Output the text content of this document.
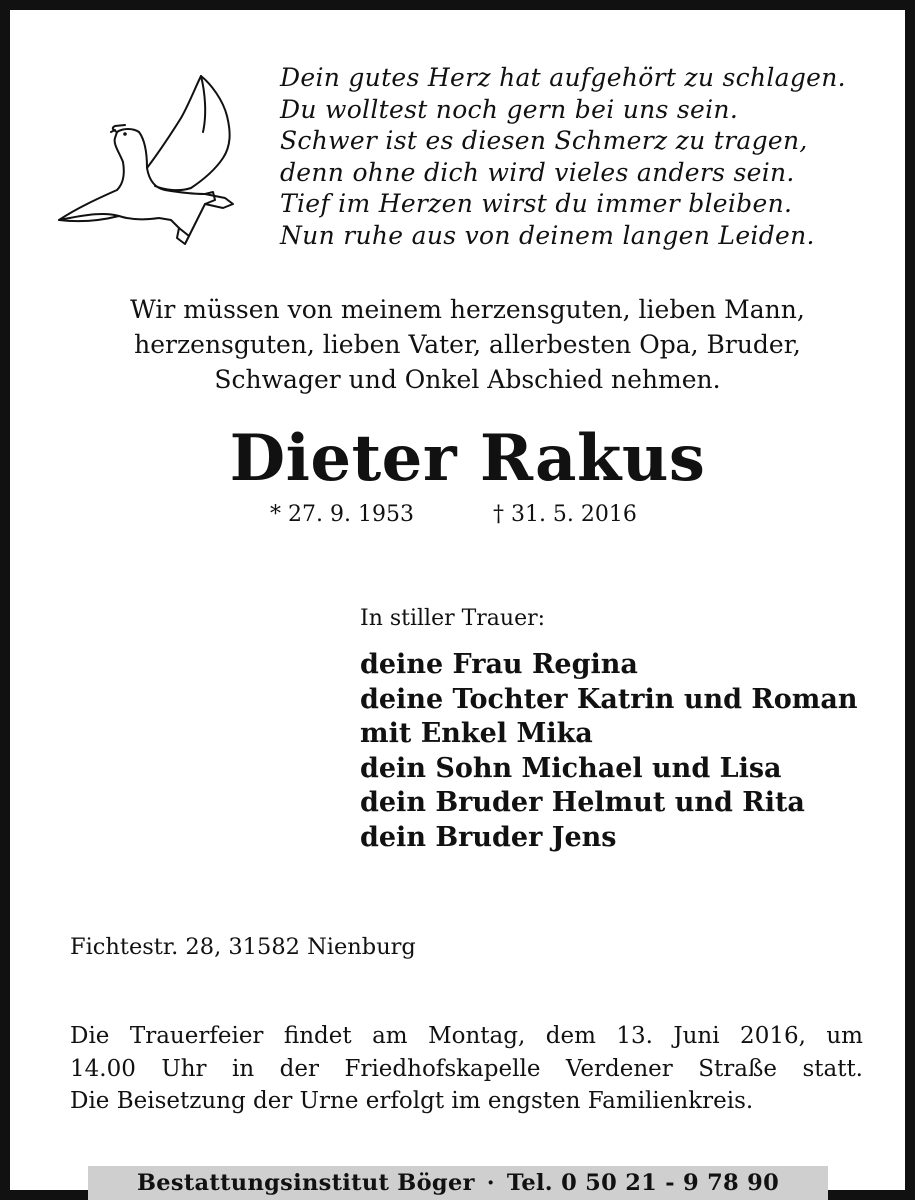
Dein gutes Herz hat aufgehört zu schlagen.
Du wolltest noch gern bei uns sein.
Schwer ist es diesen Schmerz zu tragen,
denn ohne dich wird vieles anders sein.
Tief im Herzen wirst du immer bleiben.
Nun ruhe aus von deinem langen Leiden.
Wir müssen von meinem herzensguten, lieben Mann,
herzensguten, lieben Vater, allerbesten Opa, Bruder,
Schwager und Onkel Abschied nehmen.
Dieter Rakus
* 27. 9. 1953	† 31. 5. 2016
In stiller Trauer:
deine Frau Regina
deine Tochter Katrin und Roman
mit Enkel Mika
dein Sohn Michael und Lisa
dein Bruder Helmut und Rita
dein Bruder Jens
Fichtestr. 28, 31582 Nienburg
Die Trauerfeier findet am Montag, dem 13. Juni 2016, um
14.00 Uhr in der Friedhofskapelle Verdener Straße statt.
Die Beisetzung der Urne erfolgt im engsten Familienkreis.
Bestattungsinstitut Böger · Tel. 0 50 21 - 9 78 90
